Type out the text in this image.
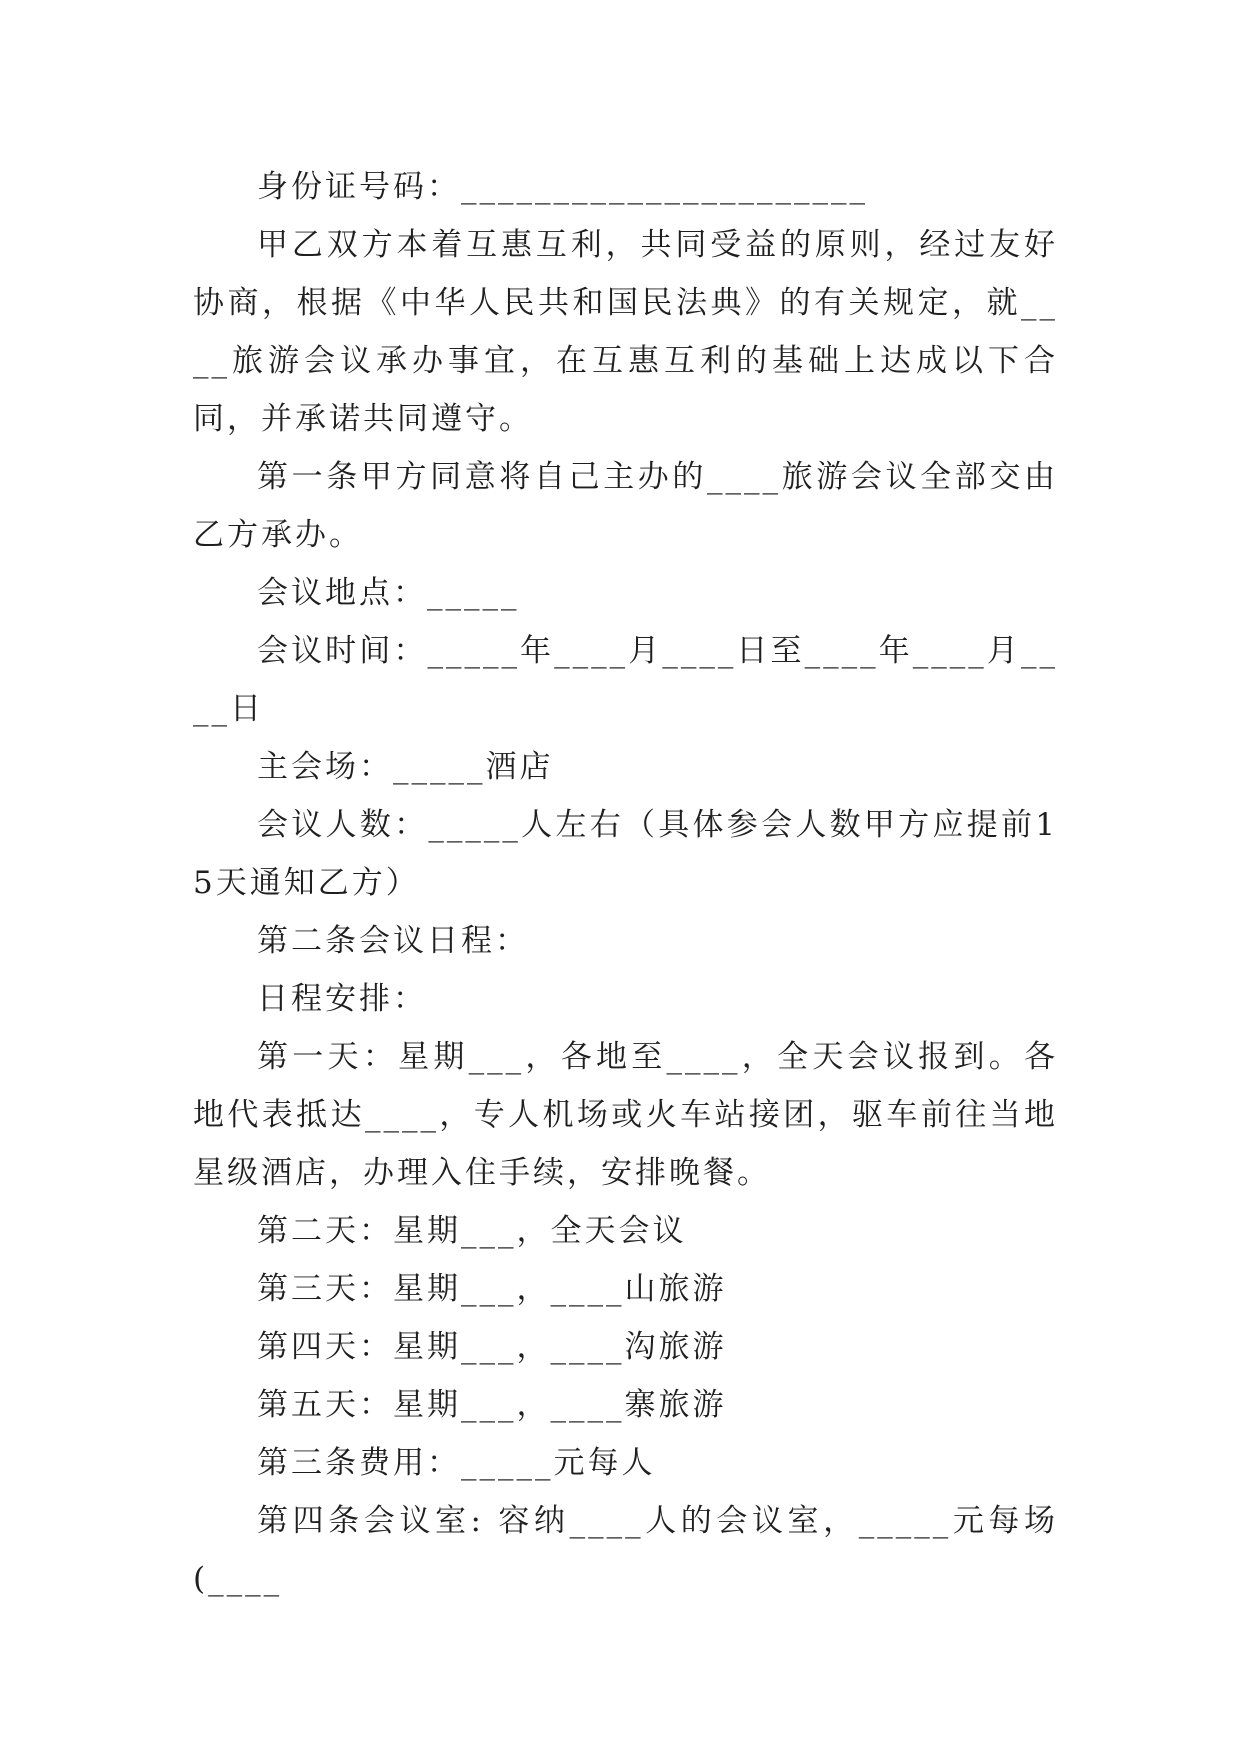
身份证号码：______________________

甲乙双方本着互惠互利，共同受益的原则，经过友好协商，根据《中华人民共和国民法典》的有关规定，就____旅游会议承办事宜，在互惠互利的基础上达成以下合同，并承诺共同遵守。

第一条甲方同意将自己主办的____旅游会议全部交由乙方承办。

会议地点：_____

会议时间：_____年____月____日至____年____月____日

主会场：_____酒店

会议人数：_____人左右（具体参会人数甲方应提前15天通知乙方）

第二条会议日程：

日程安排：

第一天：星期___，各地至____，全天会议报到。各地代表抵达____，专人机场或火车站接团，驱车前往当地星级酒店，办理入住手续，安排晚餐。

第二天：星期___，全天会议

第三天：星期___，____山旅游

第四天：星期___，____沟旅游

第五天：星期___，____寨旅游

第三条费用：_____元每人

第四条会议室: 容纳____人的会议室，_____元每场(____
